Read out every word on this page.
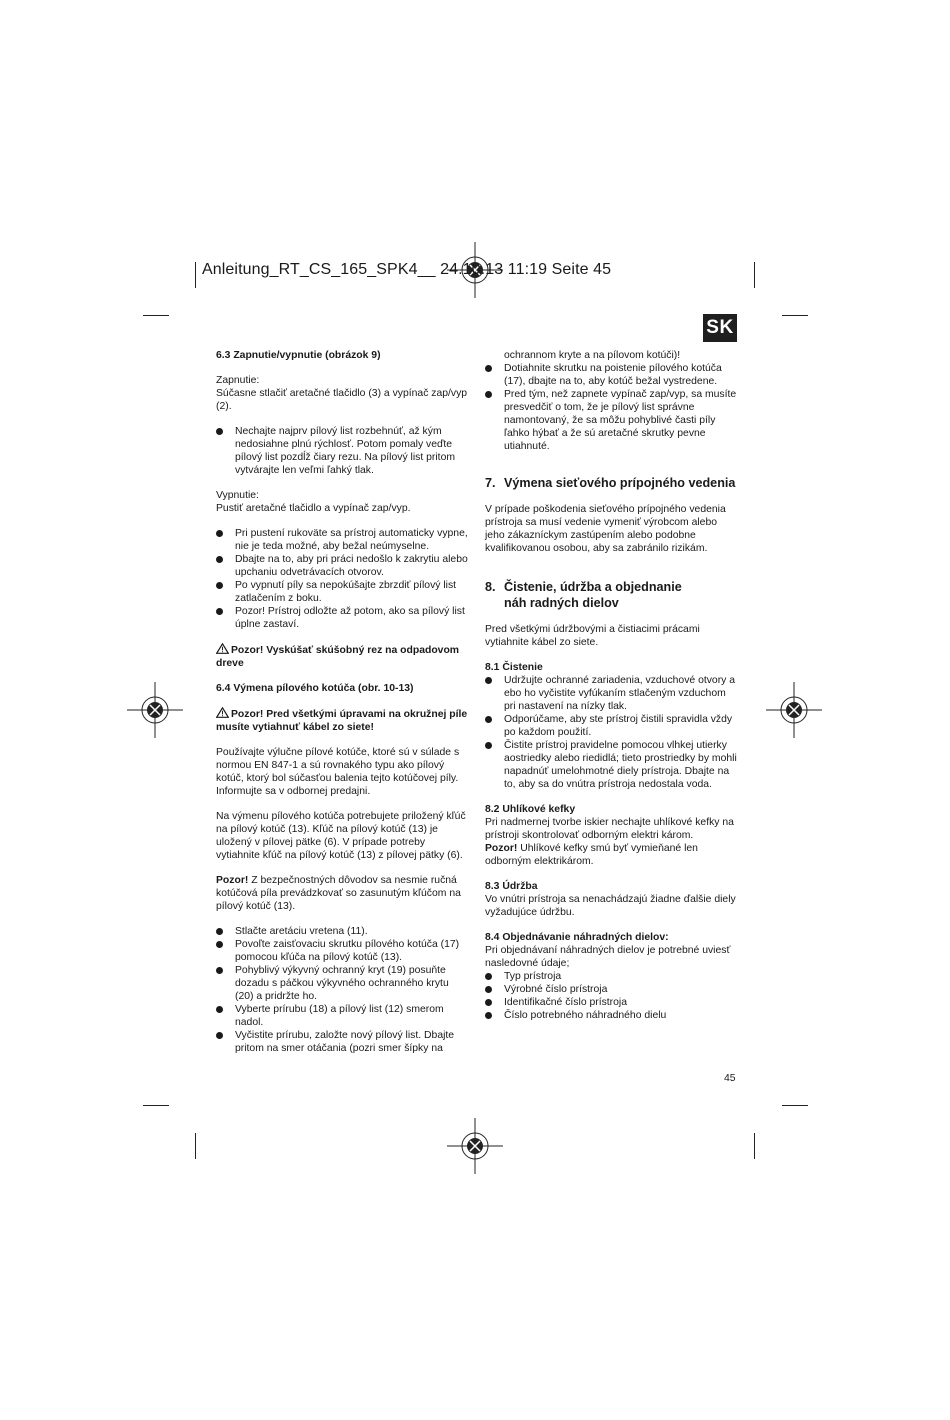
Anleitung_RT_CS_165_SPK4__ 24.10.13 11:19 Seite 45
SK

6.3 Zapnutie/vypnutie (obrázok 9)

Zapnutie:
Súčasne stlačiť aretačné tlačidlo (3) a vypínač zap/vyp (2).

Nechajte najprv pílový list rozbehnúť, až kým nedosiahne plnú rýchlosť. Potom pomaly veďte pílový list pozdĺž čiary rezu. Na pílový list pritom vytvárajte len veľmi ľahký tlak.

Vypnutie:
Pustiť aretačné tlačidlo a vypínač zap/vyp.

Pri pustení rukoväte sa prístroj automaticky vypne, nie je teda možné, aby bežal neúmyselne.
Dbajte na to, aby pri práci nedošlo k zakrytiu alebo upchaniu odvetrávacích otvorov.
Po vypnutí píly sa nepokúšajte zbrzdiť pílový list zatlačením z boku.
Pozor! Prístroj odložte až potom, ako sa pílový list úplne zastaví.

Pozor! Vyskúšať skúšobný rez na odpadovom dreve

6.4 Výmena pílového kotúča (obr. 10-13)

Pozor! Pred všetkými úpravami na okružnej píle musíte vytiahnuť kábel zo siete!

Používajte výlučne pílové kotúče, ktoré sú v súlade s normou EN 847-1 a sú rovnakého typu ako pílový kotúč, ktorý bol súčasťou balenia tejto kotúčovej píly. Informujte sa v odbornej predajni.

Na výmenu pílového kotúča potrebujete priložený kľúč na pílový kotúč (13). Kľúč na pílový kotúč (13) je uložený v pílovej pätke (6). V prípade potreby vytiahnite kľúč na pílový kotúč (13) z pílovej pätky (6).

Pozor! Z bezpečnostných dôvodov sa nesmie ručná kotúčová píla prevádzkovať so zasunutým kľúčom na pílový kotúč (13).

Stlačte aretáciu vretena (11).
Povoľte zaisťovaciu skrutku pílového kotúča (17) pomocou kľúča na pílový kotúč (13).
Pohyblivý výkyvný ochranný kryt (19) posuňte dozadu s páčkou výkyvného ochranného krytu (20) a pridržte ho.
Vyberte prírubu (18) a pílový list (12) smerom nadol.
Vyčistite prírubu, založte nový pílový list. Dbajte pritom na smer otáčania (pozri smer šípky na
ochrannom kryte a na pílovom kotúči)!
Dotiahnite skrutku na poistenie pílového kotúča (17), dbajte na to, aby kotúč bežal vystredene.
Pred tým, než zapnete vypínač zap/vyp, sa musíte presvedčiť o tom, že je pílový list správne namontovaný, že sa môžu pohyblivé časti píly ľahko hýbať a že sú aretačné skrutky pevne utiahnuté.
7. Výmena sieťového prípojného vedenia

V prípade poškodenia sieťového prípojného vedenia prístroja sa musí vedenie vymeniť výrobcom alebo jeho zákazníckym zastúpením alebo podobne kvalifikovanou osobou, aby sa zabránilo rizikám.

8. Čistenie, údržba a objednanie náh radných dielov

Pred všetkými údržbovými a čistiacimi prácami vytiahnite kábel zo siete.

8.1 Čistenie

Udržujte ochranné zariadenia, vzduchové otvory a ebo ho vyčistite vyfúkaním stlačeným vzduchom pri nastavení na nízky tlak.
Odporúčame, aby ste prístroj čistili spravidla vždy po každom použití.
Čistite prístroj pravidelne pomocou vlhkej utierky aostriedky alebo riedidlá; tieto prostriedky by mohli napadnúť umelohmotné diely prístroja. Dbajte na to, aby sa do vnútra prístroja nedostala voda.

8.2 Uhlíkové kefky

Pri nadmernej tvorbe iskier nechajte uhlíkové kefky na prístroji skontrolovať odborným elektri károm.

Pozor! Uhlíkové kefky smú byť vymieňané len odborným elektrikárom.

8.3 Údržba

Vo vnútri prístroja sa nenachádzajú žiadne ďalšie diely vyžadujúce údržbu.

8.4 Objednávanie náhradných dielov:

Pri objednávaní náhradných dielov je potrebné uviesť nasledovné údaje;

Typ prístroja
Výrobné číslo prístroja
Identifikačné číslo prístroja
Číslo potrebného náhradného dielu
45
